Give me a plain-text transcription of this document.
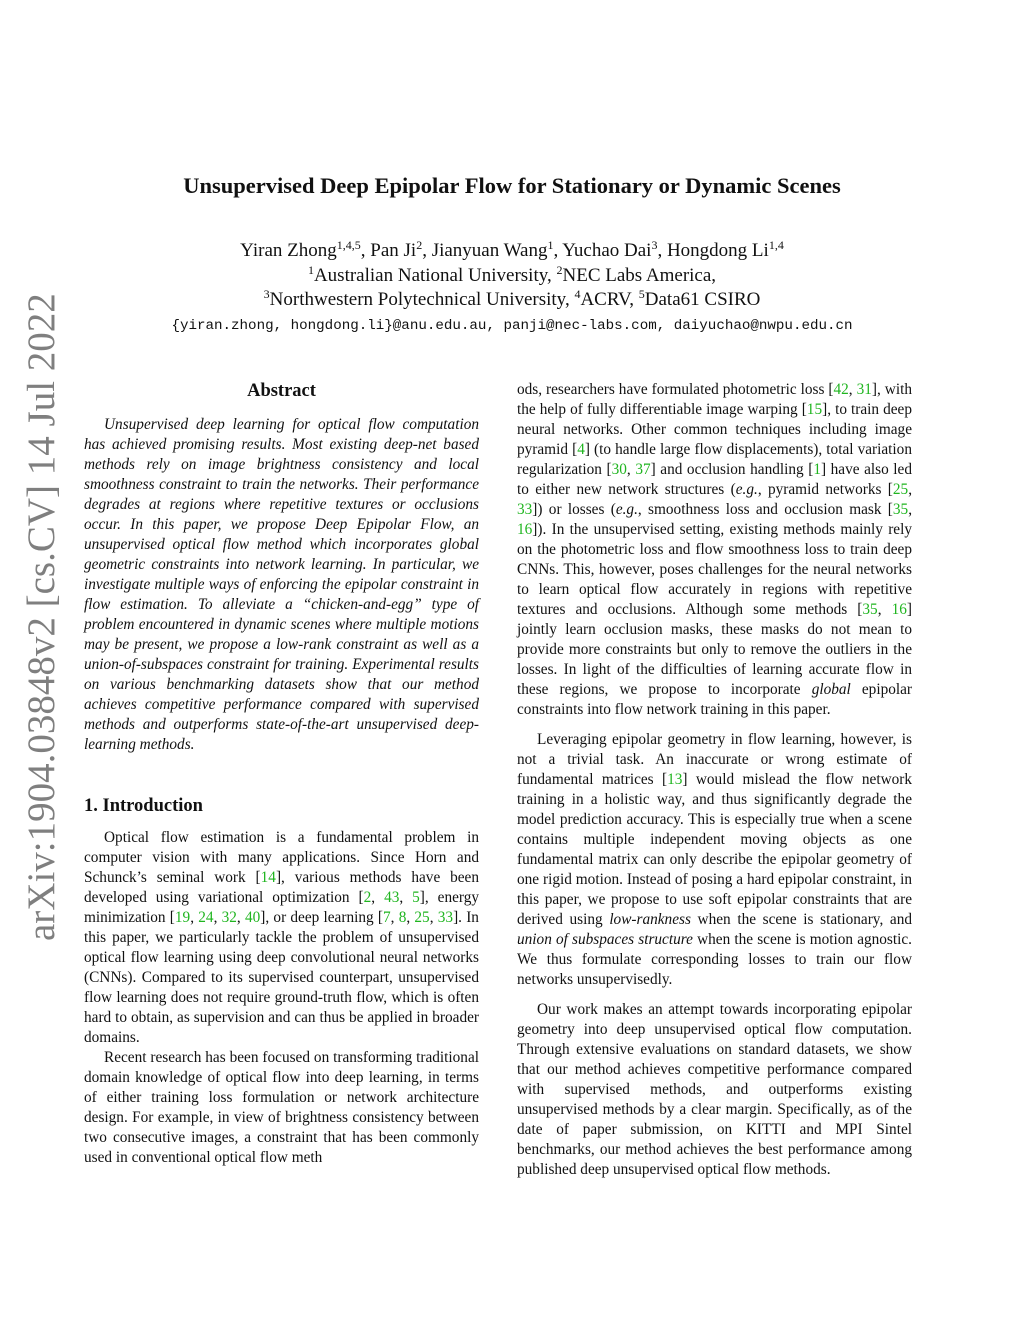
arXiv:1904.03848v2 [cs.CV] 14 Jul 2022
Unsupervised Deep Epipolar Flow for Stationary or Dynamic Scenes
Yiran Zhong$^{1,4,5}$, Pan Ji$^2$, Jianyuan Wang$^1$, Yuchao Dai$^3$, Hongdong Li$^{1,4}$
$^1$Australian National University, $^2$NEC Labs America,
$^3$Northwestern Polytechnical University, $^4$ACRV, $^5$Data61 CSIRO
{yiran.zhong, hongdong.li}@anu.edu.au, panji@nec-labs.com, daiyuchao@nwpu.edu.cn
Abstract

Unsupervised deep learning for optical flow computation has achieved promising results. Most existing deep-net based methods rely on image brightness consistency and local smoothness constraint to train the networks. Their performance degrades at regions where repetitive textures or occlusions occur. In this paper, we propose Deep Epipolar Flow, an unsupervised optical flow method which incorporates global geometric constraints into network learning. In particular, we investigate multiple ways of enforcing the epipolar constraint in flow estimation. To alleviate a “chicken-and-egg” type of problem encountered in dynamic scenes where multiple motions may be present, we propose a low-rank constraint as well as a union-of-subspaces constraint for training. Experimental results on various benchmarking datasets show that our method achieves competitive performance compared with supervised methods and outperforms state-of-the-art unsupervised deep-learning methods.

1. Introduction

Optical flow estimation is a fundamental problem in computer vision with many applications. Since Horn and Schunck’s seminal work [14], various methods have been developed using variational optimization [2, 43, 5], energy minimization [19, 24, 32, 40], or deep learning [7, 8, 25, 33]. In this paper, we particularly tackle the problem of unsupervised optical flow learning using deep convolutional neural networks (CNNs). Compared to its supervised counterpart, unsupervised flow learning does not require ground-truth flow, which is often hard to obtain, as supervision and can thus be applied in broader domains.

Recent research has been focused on transforming traditional domain knowledge of optical flow into deep learning, in terms of either training loss formulation or network architecture design. For example, in view of brightness consistency between two consecutive images, a constraint that has been commonly used in conventional optical flow meth

ods, researchers have formulated photometric loss [42, 31], with the help of fully differentiable image warping [15], to train deep neural networks. Other common techniques including image pyramid [4] (to handle large flow displacements), total variation regularization [30, 37] and occlusion handling [1] have also led to either new network structures (e.g., pyramid networks [25, 33]) or losses (e.g., smoothness loss and occlusion mask [35, 16]). In the unsupervised setting, existing methods mainly rely on the photometric loss and flow smoothness loss to train deep CNNs. This, however, poses challenges for the neural networks to learn optical flow accurately in regions with repetitive textures and occlusions. Although some methods [35, 16] jointly learn occlusion masks, these masks do not mean to provide more constraints but only to remove the outliers in the losses. In light of the difficulties of learning accurate flow in these regions, we propose to incorporate global epipolar constraints into flow network training in this paper.

Leveraging epipolar geometry in flow learning, however, is not a trivial task. An inaccurate or wrong estimate of fundamental matrices [13] would mislead the flow network training in a holistic way, and thus significantly degrade the model prediction accuracy. This is especially true when a scene contains multiple independent moving objects as one fundamental matrix can only describe the epipolar geometry of one rigid motion. Instead of posing a hard epipolar constraint, in this paper, we propose to use soft epipolar constraints that are derived using low-rankness when the scene is stationary, and union of subspaces structure when the scene is motion agnostic. We thus formulate corresponding losses to train our flow networks unsupervisedly.

Our work makes an attempt towards incorporating epipolar geometry into deep unsupervised optical flow computation. Through extensive evaluations on standard datasets, we show that our method achieves competitive performance compared with supervised methods, and outperforms existing unsupervised methods by a clear margin. Specifically, as of the date of paper submission, on KITTI and MPI Sintel benchmarks, our method achieves the best performance among published deep unsupervised optical flow methods.
